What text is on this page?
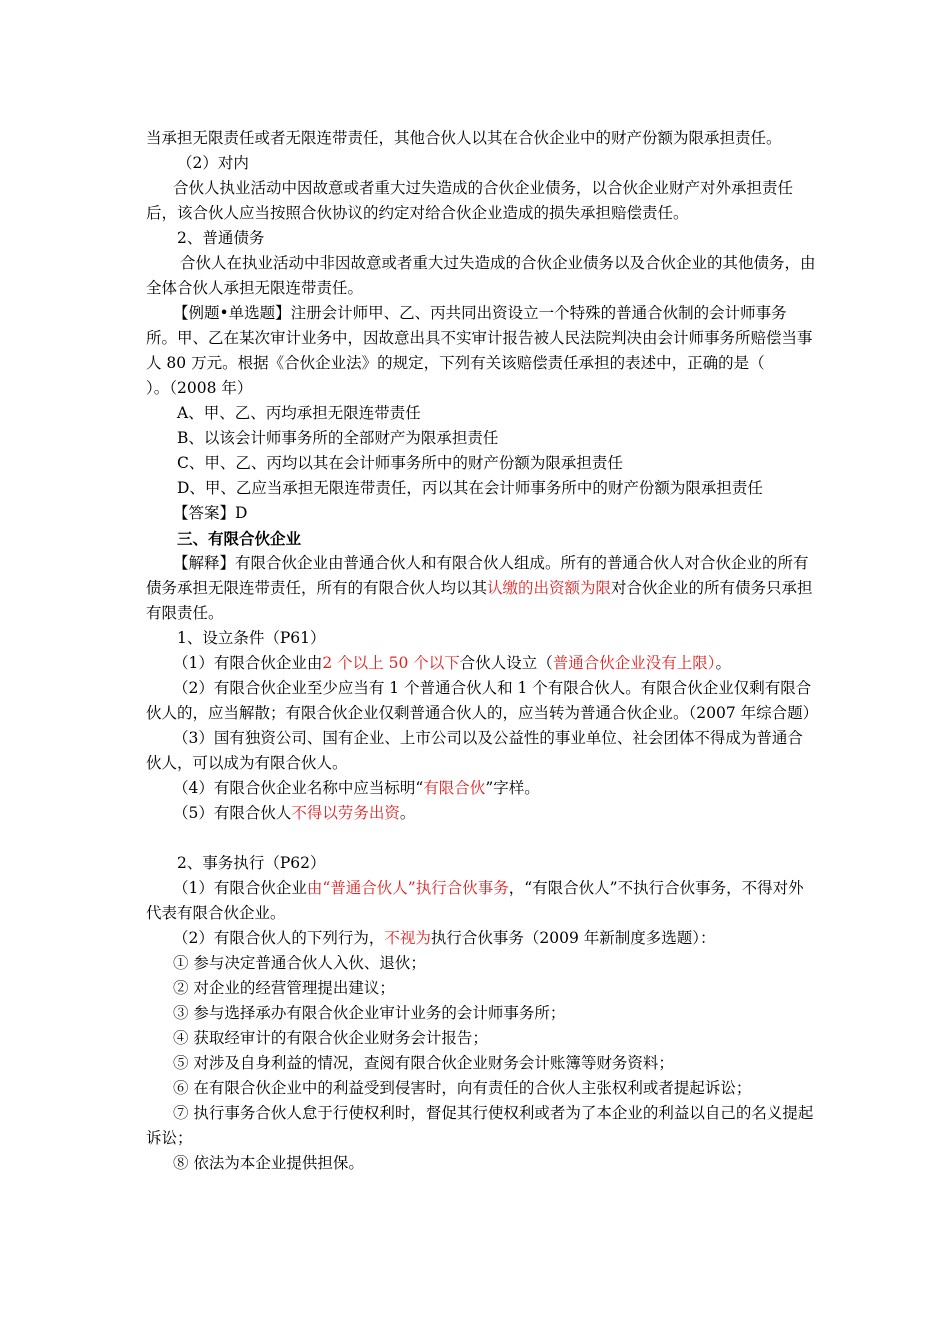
当承担无限责任或者无限连带责任，其他合伙人以其在合伙企业中的财产份额为限承担责任。

（2）对内

合伙人执业活动中因故意或者重大过失造成的合伙企业债务，以合伙企业财产对外承担责任后，该合伙人应当按照合伙协议的约定对给合伙企业造成的损失承担赔偿责任。

2、普通债务

合伙人在执业活动中非因故意或者重大过失造成的合伙企业债务以及合伙企业的其他债务，由全体合伙人承担无限连带责任。

【例题•单选题】注册会计师甲、乙、丙共同出资设立一个特殊的普通合伙制的会计师事务所。甲、乙在某次审计业务中，因故意出具不实审计报告被人民法院判决由会计师事务所赔偿当事人 80 万元。根据《合伙企业法》的规定，下列有关该赔偿责任承担的表述中，正确的是（　　）。（2008 年）

A、甲、乙、丙均承担无限连带责任

B、以该会计师事务所的全部财产为限承担责任

C、甲、乙、丙均以其在会计师事务所中的财产份额为限承担责任

D、甲、乙应当承担无限连带责任，丙以其在会计师事务所中的财产份额为限承担责任

【答案】D

三、有限合伙企业

【解释】有限合伙企业由普通合伙人和有限合伙人组成。所有的普通合伙人对合伙企业的所有债务承担无限连带责任，所有的有限合伙人均以其认缴的出资额为限对合伙企业的所有债务只承担有限责任。

1、设立条件（P61）

（1）有限合伙企业由2 个以上 50 个以下合伙人设立（普通合伙企业没有上限）。

（2）有限合伙企业至少应当有 1 个普通合伙人和 1 个有限合伙人。有限合伙企业仅剩有限合伙人的，应当解散；有限合伙企业仅剩普通合伙人的，应当转为普通合伙企业。（2007 年综合题）

（3）国有独资公司、国有企业、上市公司以及公益性的事业单位、社会团体不得成为普通合伙人，可以成为有限合伙人。

（4）有限合伙企业名称中应当标明“有限合伙”字样。

（5）有限合伙人不得以劳务出资。

2、事务执行（P62）

（1）有限合伙企业由“普通合伙人”执行合伙事务，“有限合伙人”不执行合伙事务，不得对外代表有限合伙企业。

（2）有限合伙人的下列行为，不视为执行合伙事务（2009 年新制度多选题）：

① 参与决定普通合伙人入伙、退伙；

② 对企业的经营管理提出建议；

③ 参与选择承办有限合伙企业审计业务的会计师事务所；

④ 获取经审计的有限合伙企业财务会计报告；

⑤ 对涉及自身利益的情况，查阅有限合伙企业财务会计账簿等财务资料；

⑥ 在有限合伙企业中的利益受到侵害时，向有责任的合伙人主张权利或者提起诉讼；

⑦ 执行事务合伙人怠于行使权利时，督促其行使权利或者为了本企业的利益以自己的名义提起诉讼；

⑧ 依法为本企业提供担保。
